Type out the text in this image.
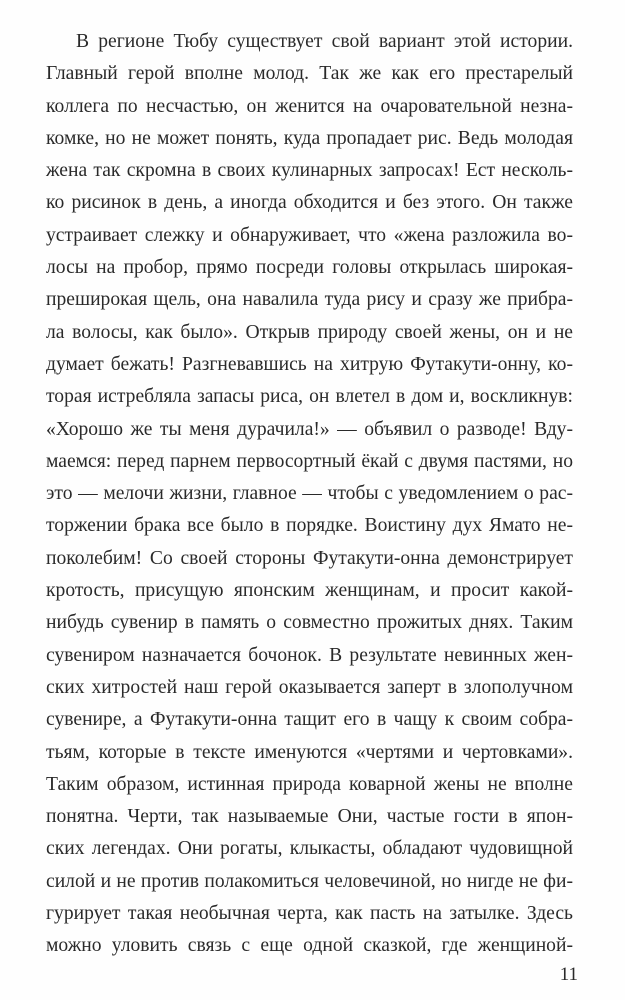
В регионе Тюбу существует свой вариант этой истории.
Главный герой вполне молод. Так же как его престарелый
коллега по несчастью, он женится на очаровательной незна-
комке, но не может понять, куда пропадает рис. Ведь молодая
жена так скромна в своих кулинарных запросах! Ест несколь-
ко рисинок в день, а иногда обходится и без этого. Он также
устраивает слежку и обнаруживает, что «жена разложила во-
лосы на пробор, прямо посреди головы открылась широкая-
преширокая щель, она навалила туда рису и сразу же прибра-
ла волосы, как было». Открыв природу своей жены, он и не
думает бежать! Разгневавшись на хитрую Футакути-онну, ко-
торая истребляла запасы риса, он влетел в дом и, воскликнув:
«Хорошо же ты меня дурачила!» — объявил о разводе! Вду-
маемся: перед парнем первосортный ёкай с двумя пастями, но
это — мелочи жизни, главное — чтобы с уведомлением о рас-
торжении брака все было в порядке. Воистину дух Ямато не-
поколебим! Со своей стороны Футакути-онна демонстрирует
кротость, присущую японским женщинам, и просит какой-
нибудь сувенир в память о совместно прожитых днях. Таким
сувениром назначается бочонок. В результате невинных жен-
ских хитростей наш герой оказывается заперт в злополучном
сувенире, а Футакути-онна тащит его в чащу к своим собра-
тьям, которые в тексте именуются «чертями и чертовками».
Таким образом, истинная природа коварной жены не вполне
понятна. Черти, так называемые Они, частые гости в япон-
ских легендах. Они рогаты, клыкасты, обладают чудовищной
силой и не против полакомиться человечиной, но нигде не фи-
гурирует такая необычная черта, как пасть на затылке. Здесь
можно уловить связь с еще одной сказкой, где женщиной-
11
